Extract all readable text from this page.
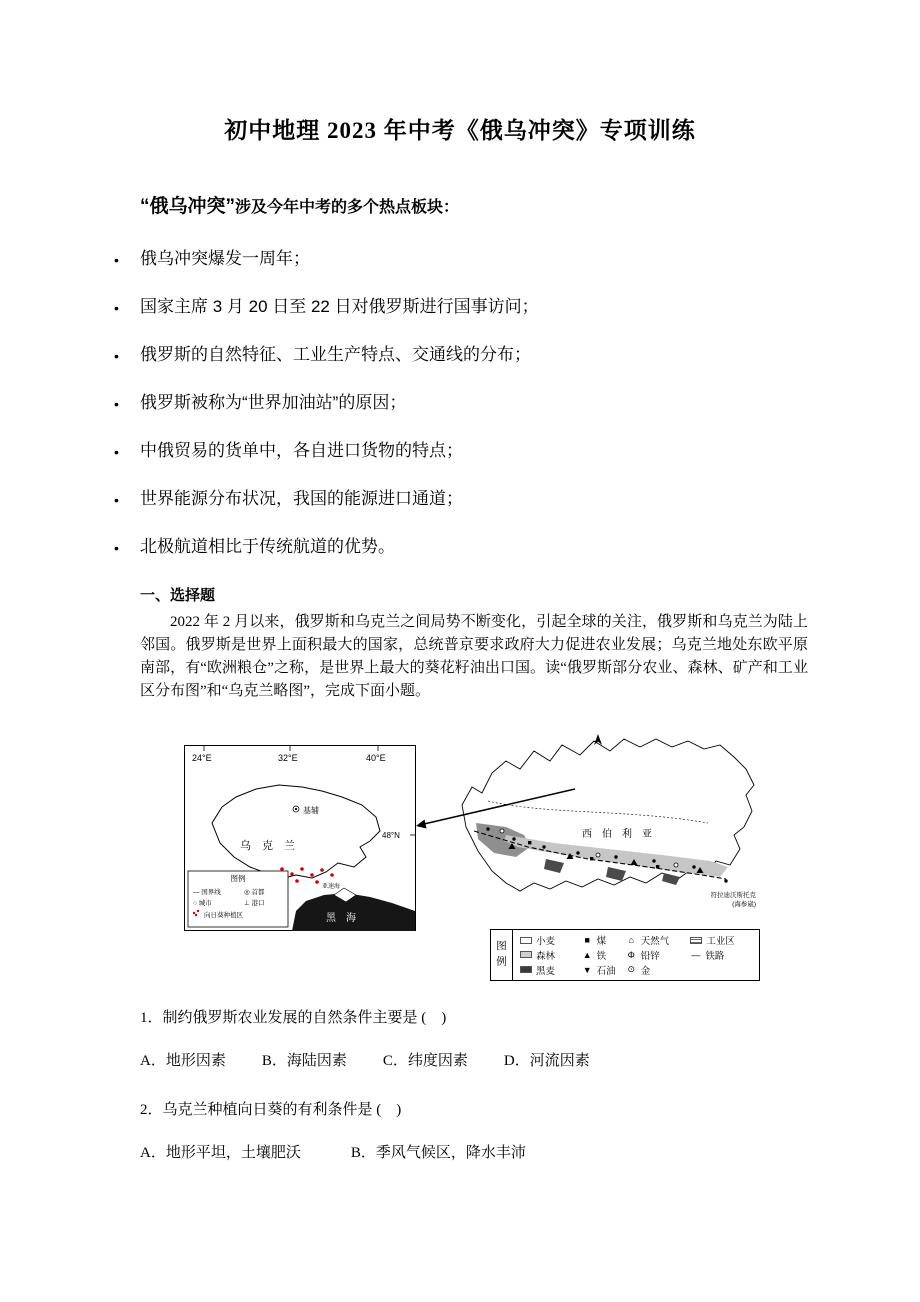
初中地理 2023 年中考《俄乌冲突》专项训练

“俄乌冲突”涉及今年中考的多个热点板块：

• 俄乌冲突爆发一周年；
• 国家主席 3 月 20 日至 22 日对俄罗斯进行国事访问；
• 俄罗斯的自然特征、工业生产特点、交通线的分布；
• 俄罗斯被称为“世界加油站”的原因；
• 中俄贸易的货单中，各自进口货物的特点；
• 世界能源分布状况，我国的能源进口通道；
• 北极航道相比于传统航道的优势。
一、选择题

2022 年 2 月以来，俄罗斯和乌克兰之间局势不断变化，引起全球的关注，俄罗斯和乌克兰为陆上邻国。俄罗斯是世界上面积最大的国家，总统普京要求政府大力促进农业发展；乌克兰地处东欧平原南部，有“欧洲粮仓”之称，是世界上最大的葵花籽油出口国。读“俄罗斯部分农业、森林、矿产和工业区分布图”和“乌克兰略图”，完成下面小题。

24°E	32°E	40°E
基辅
乌　克　兰
48°N
黑　海
亚速海
图例
— 国界线	◎ 首都
○ 城市	⊥ 港口
向日葵种植区
西　伯　利　亚
符拉迪沃斯托克
(海参崴)
图例	小麦	■ 煤	⌂ 天然气	工业区
森林	▲ 铁 Φ 铅锌	— 铁路
黑麦	▼ 石油 ⊙ 金

1．制约俄罗斯农业发展的自然条件主要是 (　)

A．地形因素 B．海陆因素 C．纬度因素 D．河流因素

2．乌克兰种植向日葵的有利条件是 (　)

A．地形平坦，土壤肥沃	B．季风气候区，降水丰沛
